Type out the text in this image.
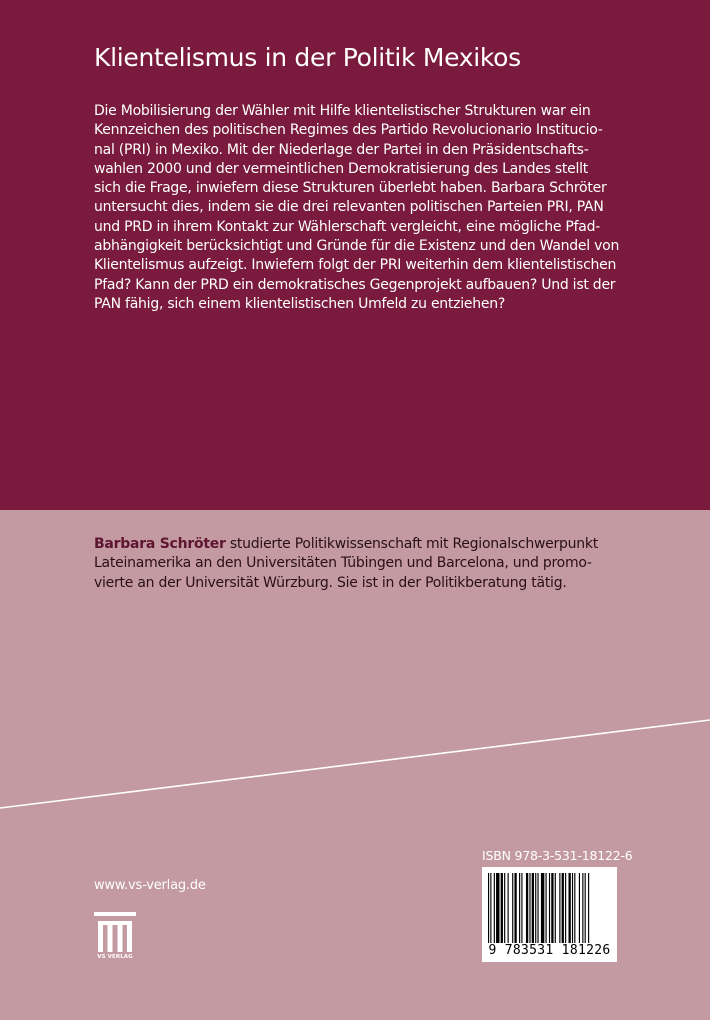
Klientelismus in der Politik Mexikos

Die Mobilisierung der Wähler mit Hilfe klientelistischer Strukturen war ein
Kennzeichen des politischen Regimes des Partido Revolucionario Institucio-
nal (PRI) in Mexiko. Mit der Niederlage der Partei in den Präsidentschafts-
wahlen 2000 und der vermeintlichen Demokratisierung des Landes stellt
sich die Frage, inwiefern diese Strukturen überlebt haben. Barbara Schröter
untersucht dies, indem sie die drei relevanten politischen Parteien PRI, PAN
und PRD in ihrem Kontakt zur Wählerschaft vergleicht, eine mögliche Pfad-
abhängigkeit berücksichtigt und Gründe für die Existenz und den Wandel von
Klientelismus aufzeigt. Inwiefern folgt der PRI weiterhin dem klientelistischen
Pfad? Kann der PRD ein demokratisches Gegenprojekt aufbauen? Und ist der
PAN fähig, sich einem klientelistischen Umfeld zu entziehen?

Barbara Schröter studierte Politikwissenschaft mit Regionalschwerpunkt
Lateinamerika an den Universitäten Tübingen und Barcelona, und promo-
vierte an der Universität Würzburg. Sie ist in der Politikberatung tätig.

www.vs-verlag.de
VS VERLAG
ISBN 978-3-531-18122-6
9 783531 181226
